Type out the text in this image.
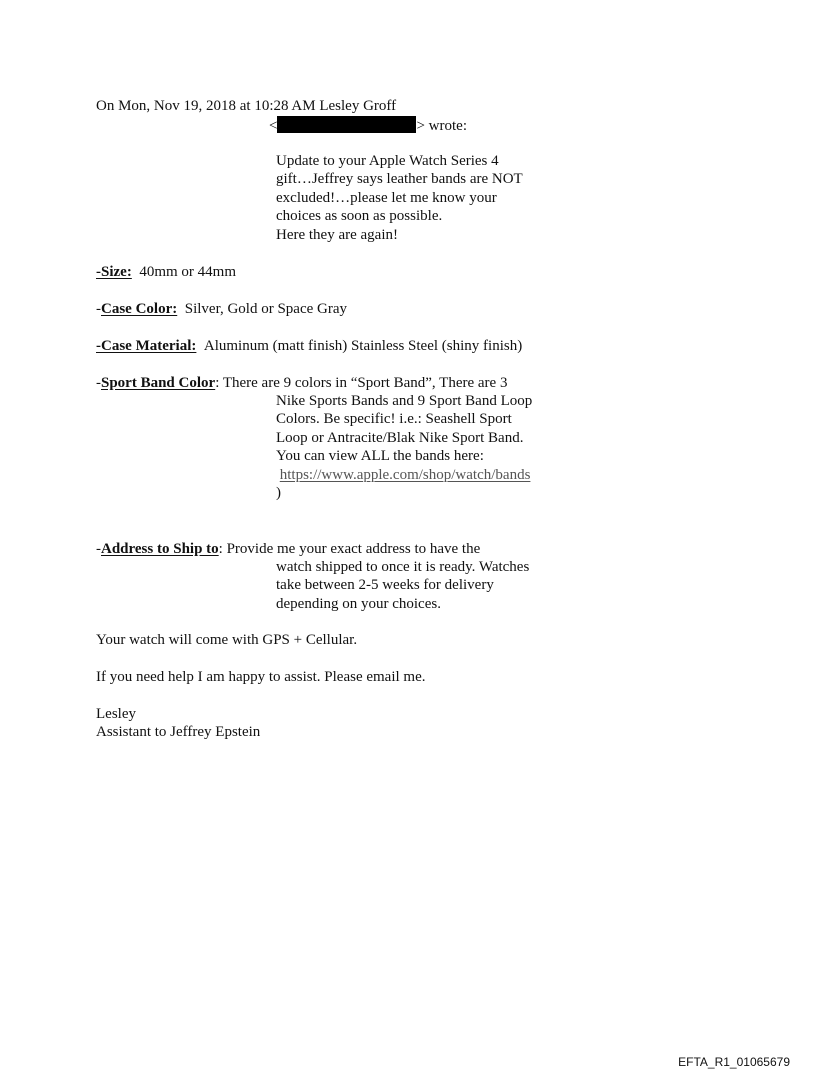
On Mon, Nov 19, 2018 at 10:28 AM Lesley Groff
<	> wrote:
Update to your Apple Watch Series 4
gift…Jeffrey says leather bands are NOT
excluded!…please let me know your
choices as soon as possible.
Here they are again!
-Size: 40mm or 44mm
-Case Color: Silver, Gold or Space Gray
-Case Material: Aluminum (matt finish) Stainless Steel (shiny finish)
-Sport Band Color: There are 9 colors in “Sport Band”, There are 3
Nike Sports Bands and 9 Sport Band Loop
Colors. Be specific! i.e.: Seashell Sport
Loop or Antracite/Blak Nike Sport Band.
You can view ALL the bands here:
https://www.apple.com/shop/watch/bands
)
-Address to Ship to: Provide me your exact address to have the
watch shipped to once it is ready. Watches
take between 2-5 weeks for delivery
depending on your choices.
Your watch will come with GPS + Cellular.
If you need help I am happy to assist. Please email me.
Lesley
Assistant to Jeffrey Epstein
EFTA_R1_01065679
